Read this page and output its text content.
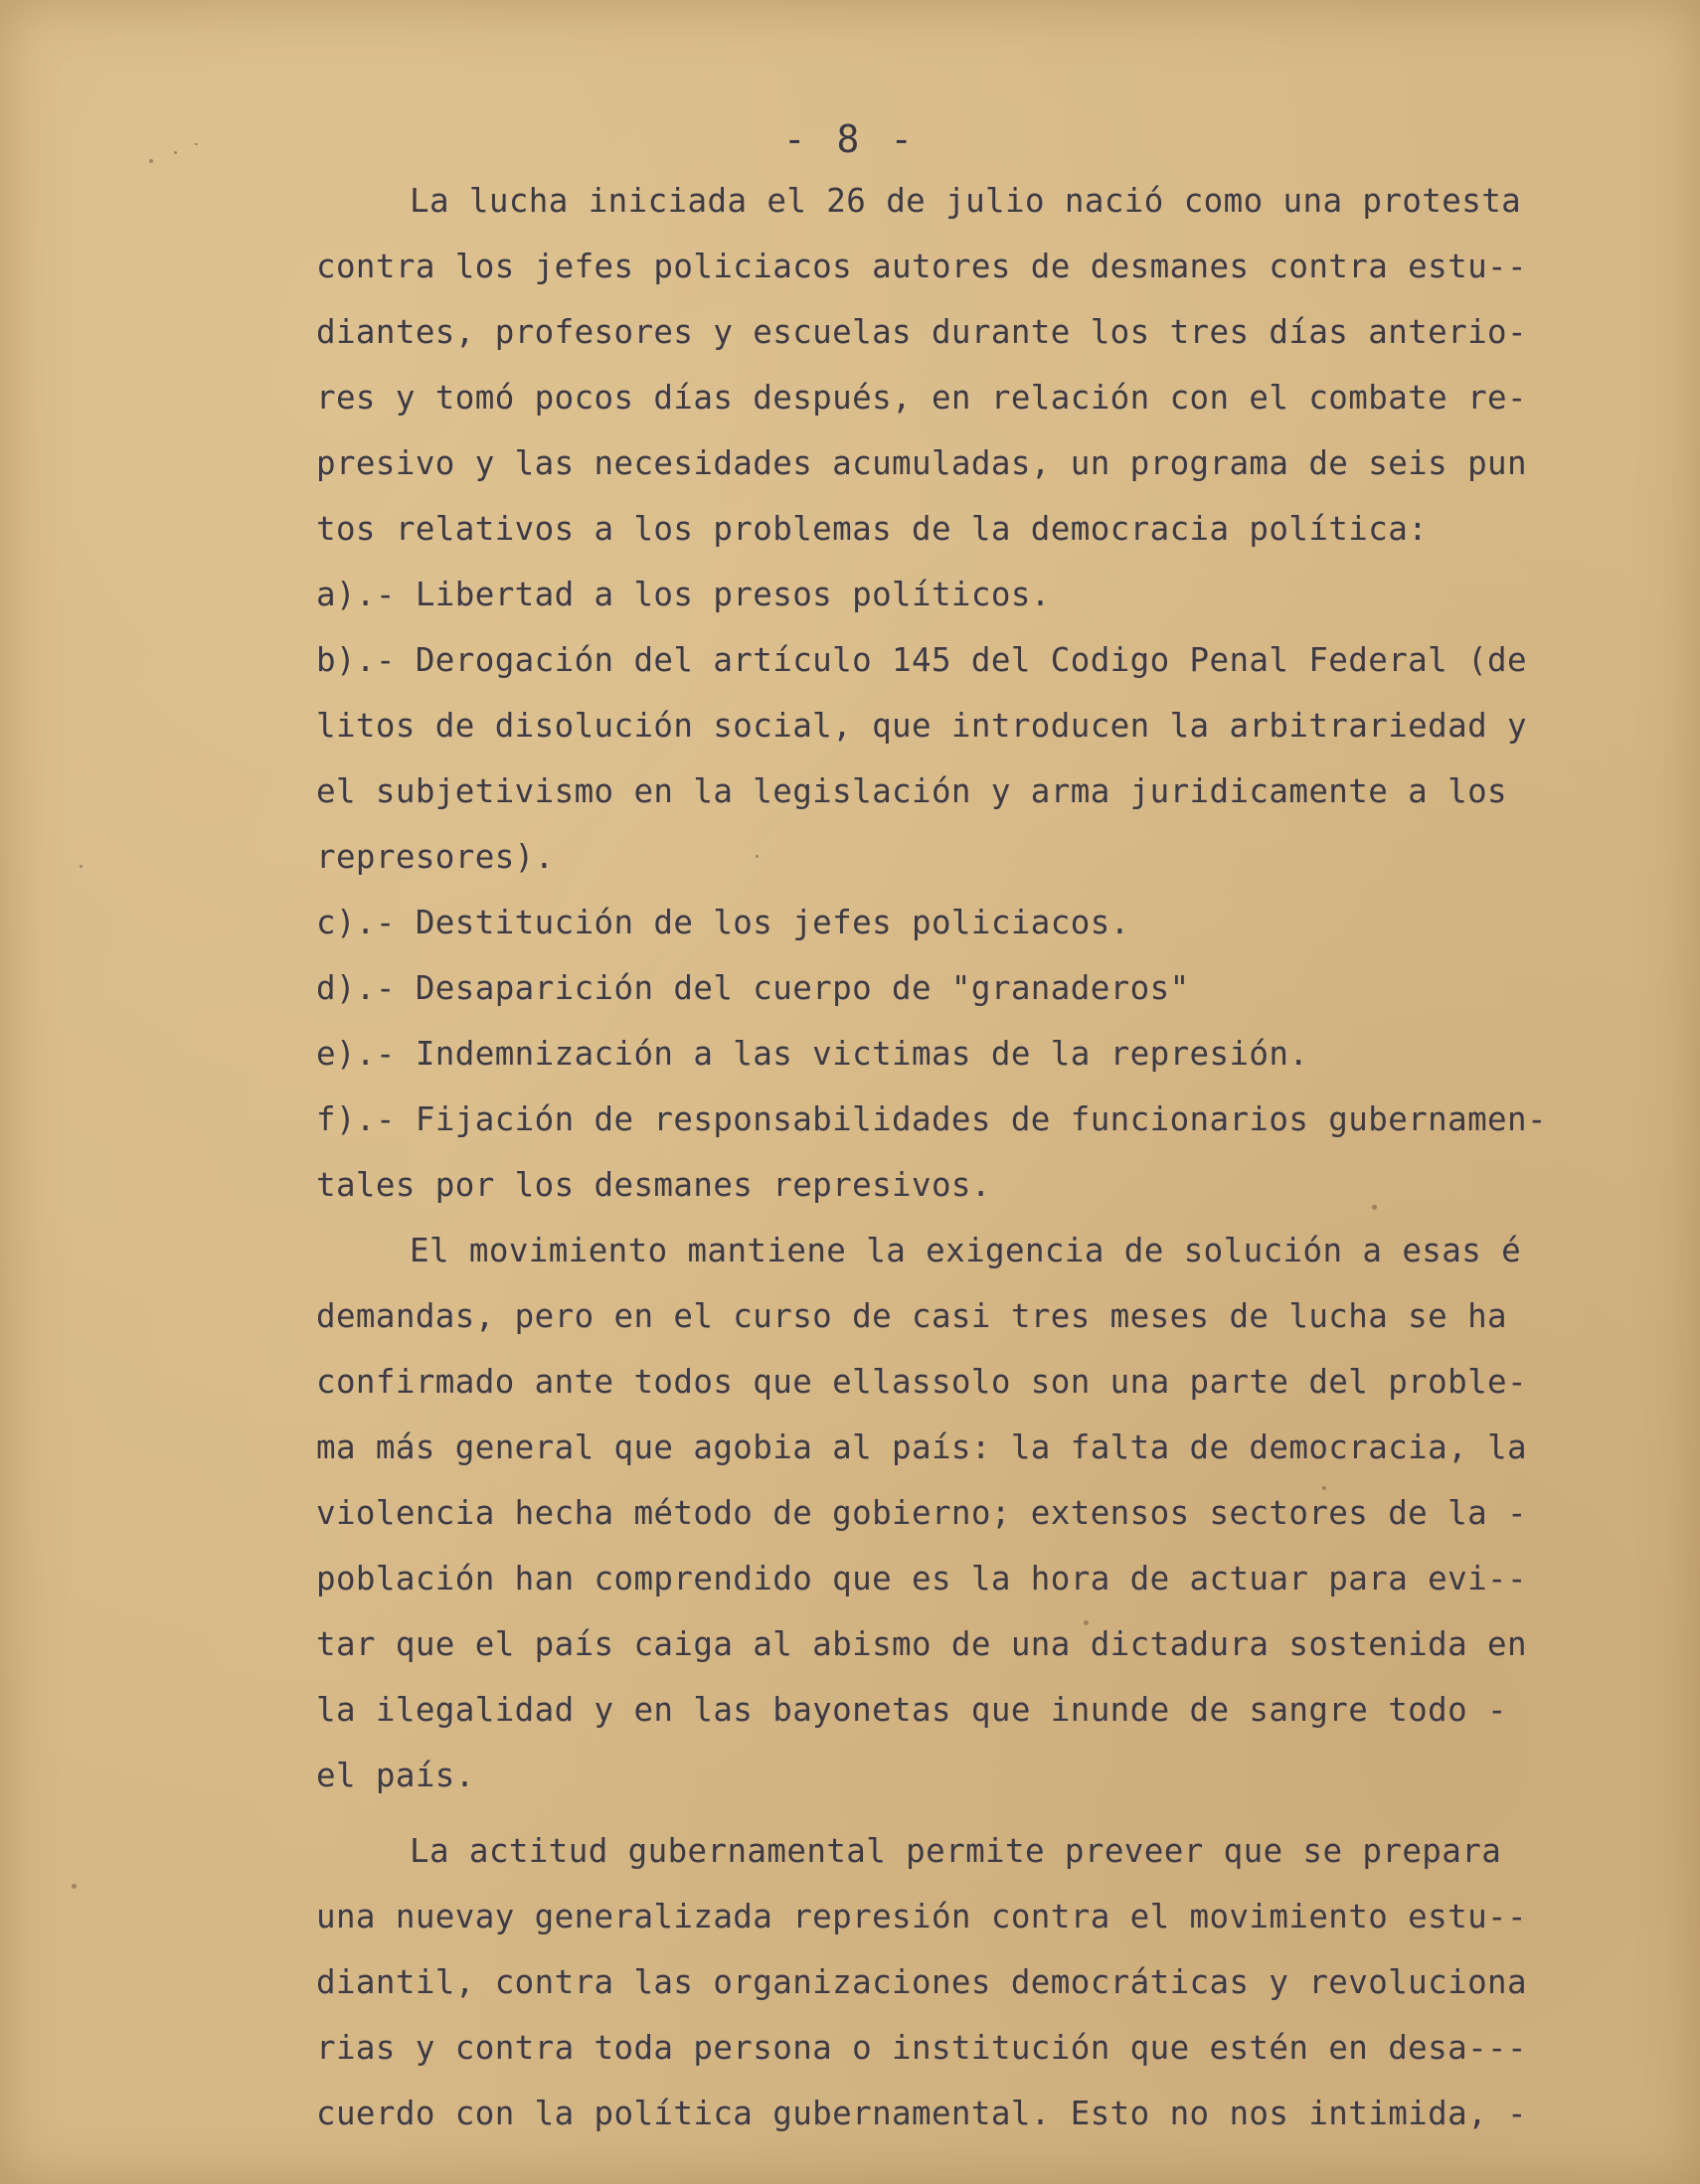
- 8 -
La lucha iniciada el 26 de julio nació como una protesta
contra los jefes policiacos autores de desmanes contra estu--
diantes, profesores y escuelas durante los tres días anterio-
res y tomó pocos días después, en relación con el combate re-
presivo y las necesidades acumuladas, un programa de seis pun
tos relativos a los problemas de la democracia política:
a).- Libertad a los presos políticos.
b).- Derogación del artículo 145 del Codigo Penal Federal (de
litos de disolución social, que introducen la arbitrariedad y
el subjetivismo en la legislación y arma juridicamente a los
represores).
c).- Destitución de los jefes policiacos.
d).- Desaparición del cuerpo de "granaderos"
e).- Indemnización a las victimas de la represión.
f).- Fijación de responsabilidades de funcionarios gubernamen-
tales por los desmanes represivos.
El movimiento mantiene la exigencia de solución a esas é
demandas, pero en el curso de casi tres meses de lucha se ha
confirmado ante todos que ellassolo son una parte del proble-
ma más general que agobia al país: la falta de democracia, la
violencia hecha método de gobierno; extensos sectores de la -
población han comprendido que es la hora de actuar para evi--
tar que el país caiga al abismo de una dictadura sostenida en
la ilegalidad y en las bayonetas que inunde de sangre todo -
el país.
La actitud gubernamental permite preveer que se prepara
una nuevay generalizada represión contra el movimiento estu--
diantil, contra las organizaciones democráticas y revoluciona
rias y contra toda persona o institución que estén en desa---
cuerdo con la política gubernamental. Esto no nos intimida, -
